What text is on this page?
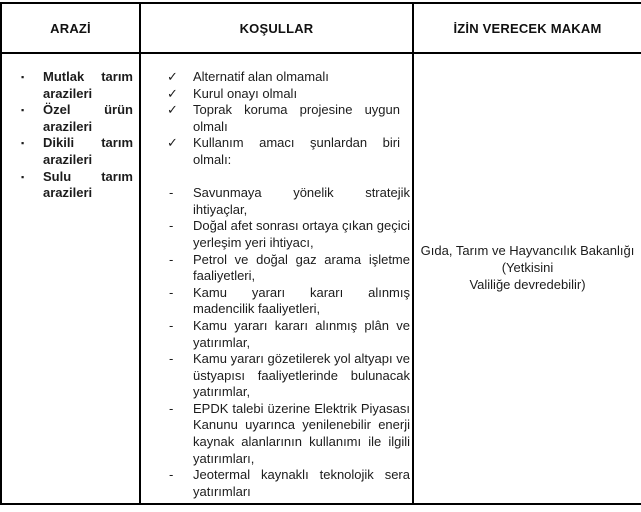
ARAZİ	KOŞULLAR	İZİN VERECEK MAKAM
▪ Mutlak tarım arazileri
▪ Özel ürün arazileri
▪ Dikili tarım arazileri
▪ Sulu tarım arazileri
✓ Alternatif alan olmamalı
✓ Kurul onayı olmalı
✓ Toprak koruma projesine uygun olmalı
✓ Kullanım amacı şunlardan biri olmalı:
- Savunmaya yönelik stratejik ihtiyaçlar,
- Doğal afet sonrası ortaya çıkan geçici yerleşim yeri ihtiyacı,
- Petrol ve doğal gaz arama işletme faaliyetleri,
- Kamu yararı kararı alınmış madencilik faaliyetleri,
- Kamu yararı kararı alınmış plân ve yatırımlar,
- Kamu yararı gözetilerek yol altyapı ve üstyapısı faaliyetlerinde bulunacak yatırımlar,
- EPDK talebi üzerine Elektrik Piyasası Kanunu uyarınca yenilenebilir enerji kaynak alanlarının kullanımı ile ilgili yatırımları,
- Jeotermal kaynaklı teknolojik sera yatırımları
Gıda, Tarım ve Hayvancılık Bakanlığı
(Yetkisini
Valiliğe devredebilir)
